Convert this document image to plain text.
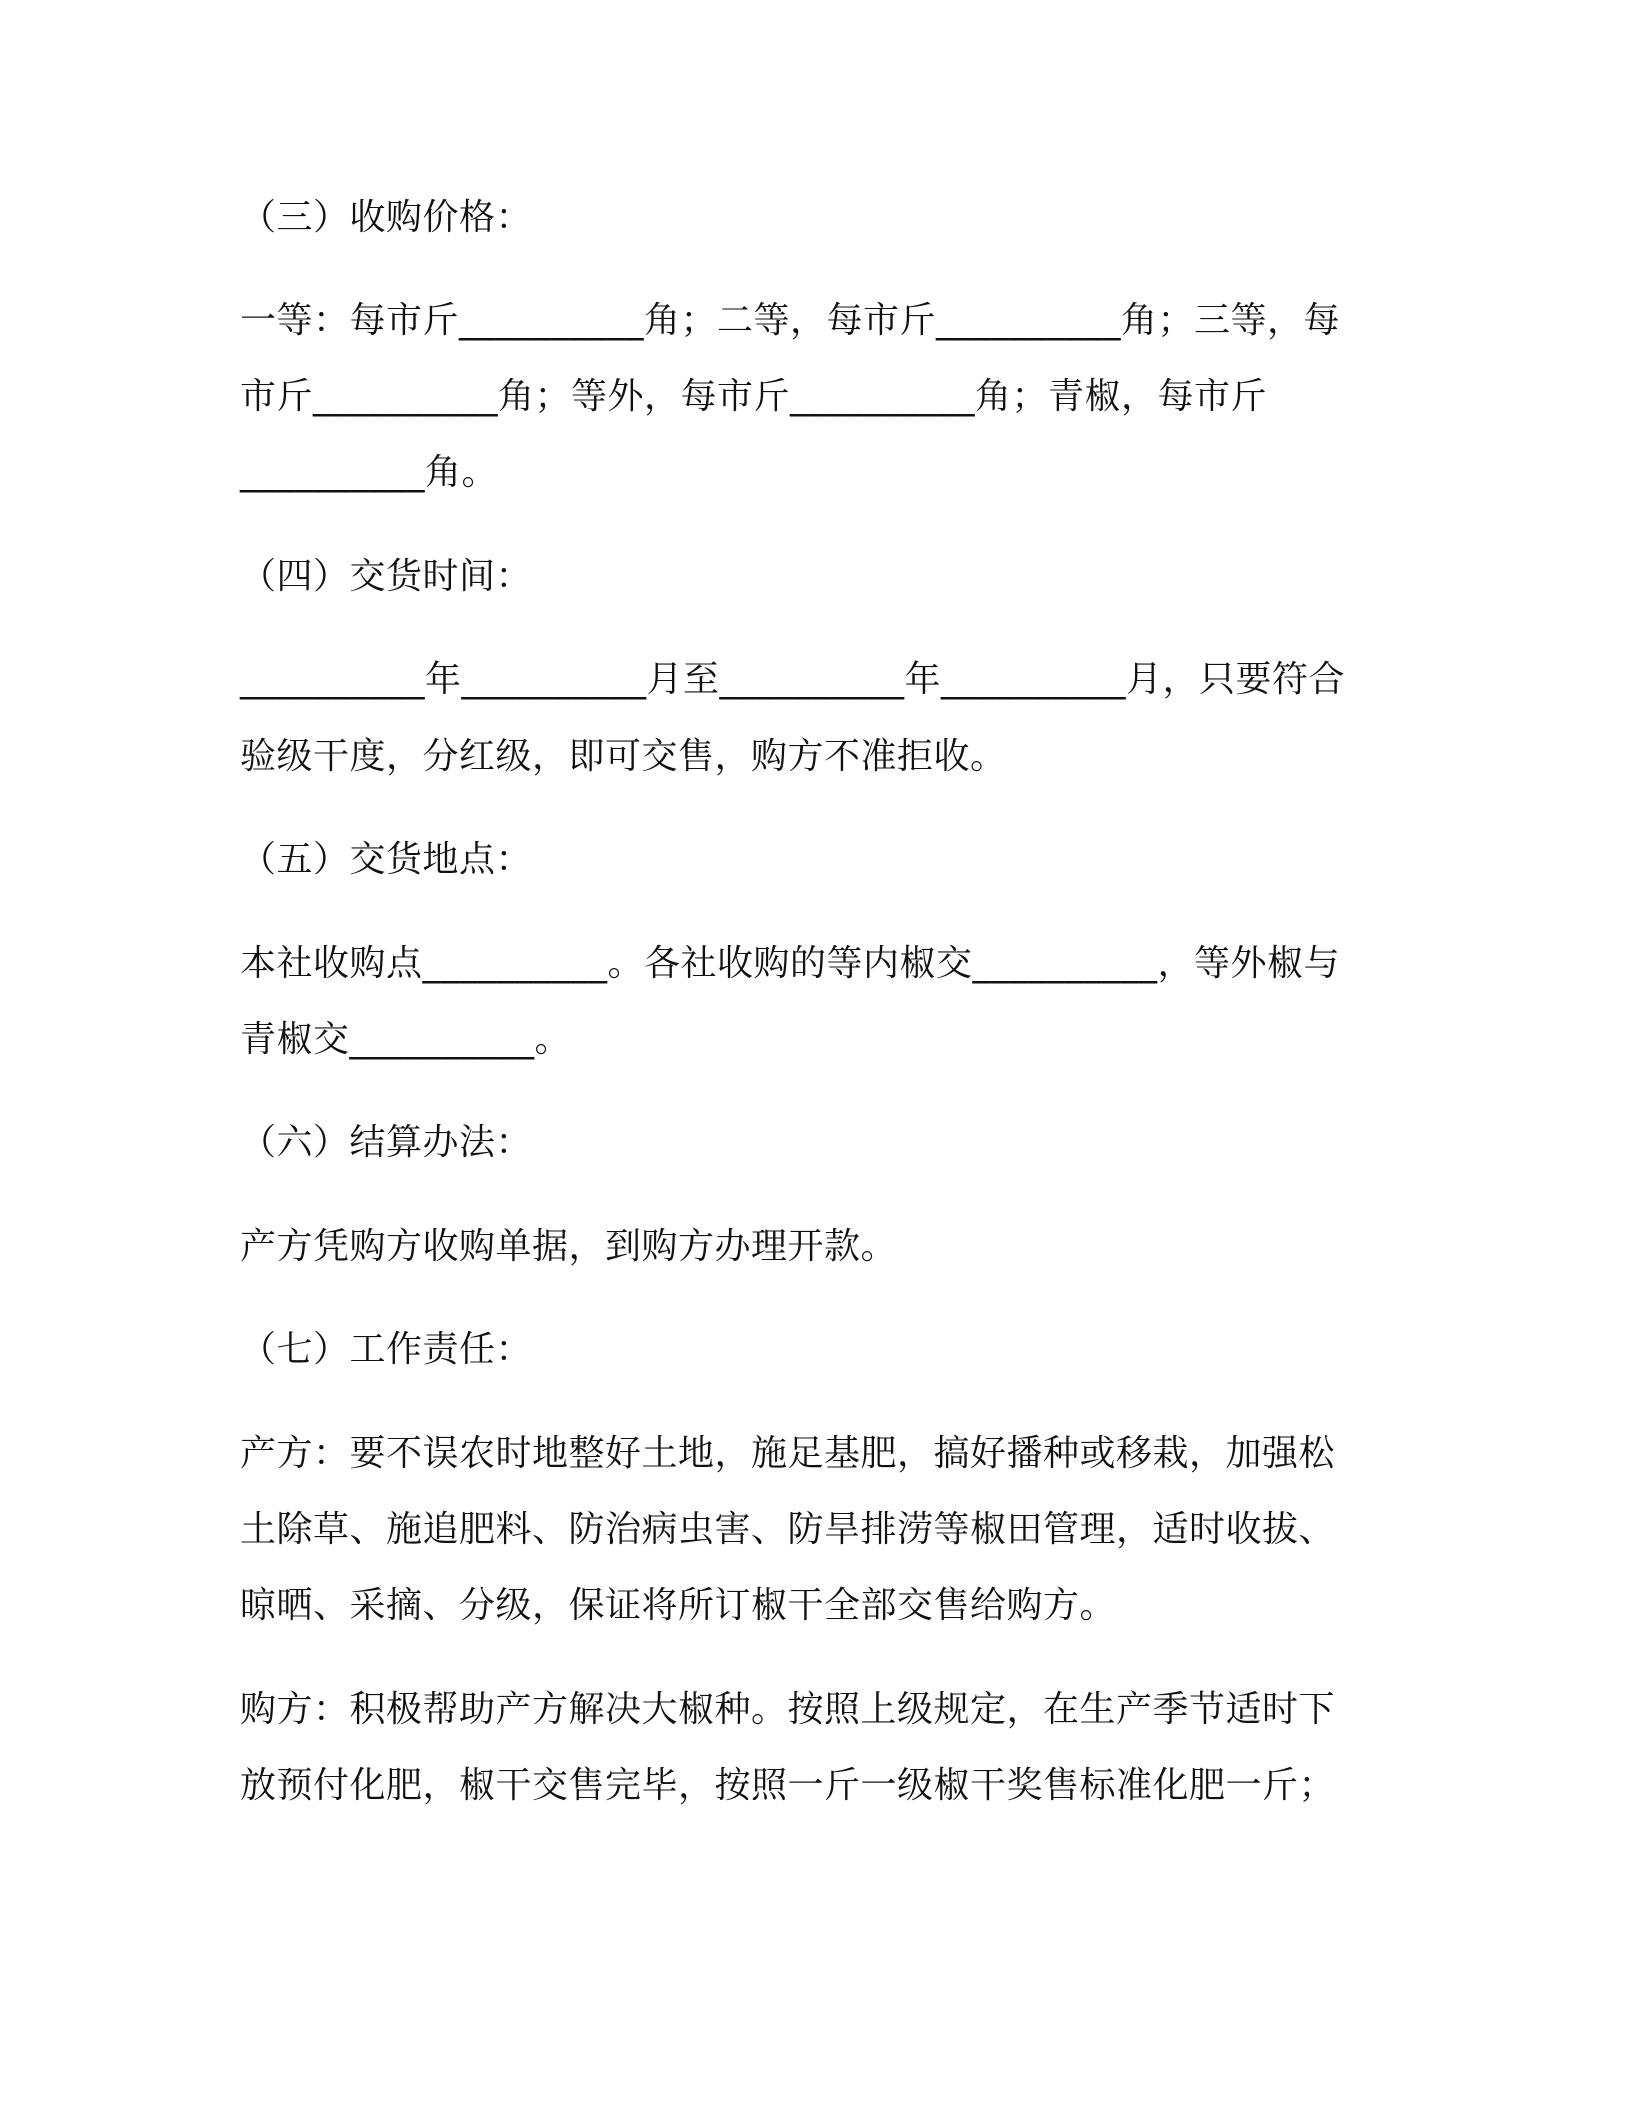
（三）收购价格：

一等：每市斤__________角；二等，每市斤__________角；三等，每

市斤__________角；等外，每市斤__________角；青椒，每市斤

__________角。

（四）交货时间：

__________年__________月至__________年__________月，只要符合

验级干度，分红级，即可交售，购方不准拒收。

（五）交货地点：

本社收购点__________。各社收购的等内椒交__________，等外椒与

青椒交__________。

（六）结算办法：

产方凭购方收购单据，到购方办理开款。

（七）工作责任：

产方：要不误农时地整好土地，施足基肥，搞好播种或移栽，加强松

土除草、施追肥料、防治病虫害、防旱排涝等椒田管理，适时收拔、

晾晒、采摘、分级，保证将所订椒干全部交售给购方。

购方：积极帮助产方解决大椒种。按照上级规定，在生产季节适时下

放预付化肥，椒干交售完毕，按照一斤一级椒干奖售标准化肥一斤；
